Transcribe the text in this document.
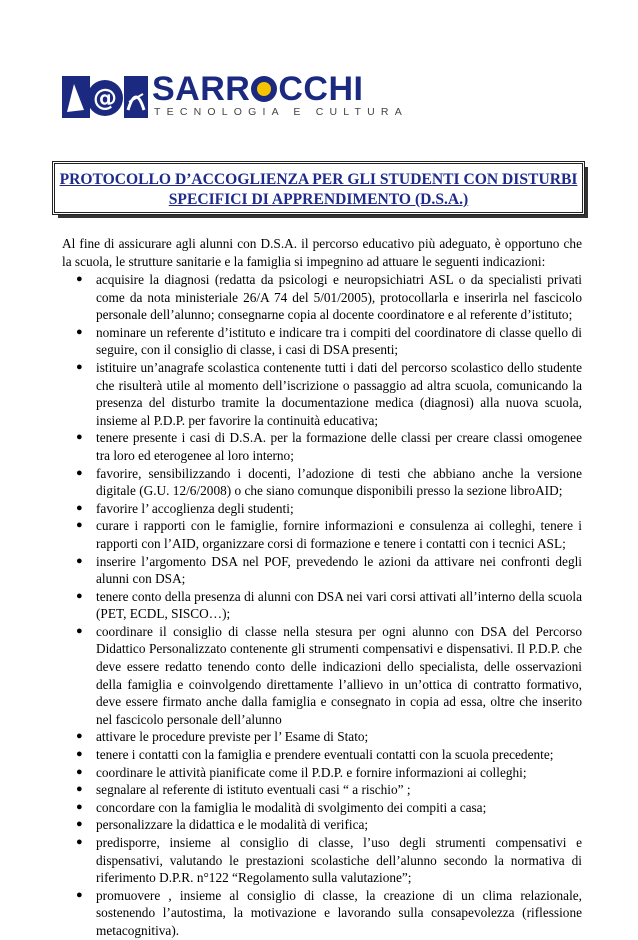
@ SARR CCHI
TECNOLOGIA E CULTURA
PROTOCOLLO D’ACCOGLIENZA PER GLI STUDENTI CON DISTURBI
SPECIFICI DI APPRENDIMENTO (D.S.A.)

Al fine di assicurare agli alunni con D.S.A. il percorso educativo più adeguato, è opportuno che la scuola, le strutture sanitarie e la famiglia si impegnino ad attuare le seguenti indicazioni:

● acquisire la diagnosi (redatta da psicologi e neuropsichiatri ASL o da specialisti privati come da nota ministeriale 26/A 74 del 5/01/2005), protocollarla e inserirla nel fascicolo personale dell’alunno; consegnarne copia al docente coordinatore e al referente d’istituto;
● nominare un referente d’istituto e indicare tra i compiti del coordinatore di classe quello di seguire, con il consiglio di classe, i casi di DSA presenti;
● istituire un’anagrafe scolastica contenente tutti i dati del percorso scolastico dello studente che risulterà utile al momento dell’iscrizione o passaggio ad altra scuola, comunicando la presenza del disturbo tramite la documentazione medica (diagnosi) alla nuova scuola, insieme al P.D.P. per favorire la continuità educativa;
● tenere presente i casi di D.S.A. per la formazione delle classi per creare classi omogenee tra loro ed eterogenee al loro interno;
● favorire, sensibilizzando i docenti, l’adozione di testi che abbiano anche la versione digitale (G.U. 12/6/2008) o che siano comunque disponibili presso la sezione libroAID;
● favorire l’ accoglienza degli studenti;
● curare i rapporti con le famiglie, fornire informazioni e consulenza ai colleghi, tenere i rapporti con l’AID, organizzare corsi di formazione e tenere i contatti con i tecnici ASL;
● inserire l’argomento DSA nel POF, prevedendo le azioni da attivare nei confronti degli alunni con DSA;
● tenere conto della presenza di alunni con DSA nei vari corsi attivati all’interno della scuola (PET, ECDL, SISCO…);
● coordinare il consiglio di classe nella stesura per ogni alunno con DSA del Percorso Didattico Personalizzato contenente gli strumenti compensativi e dispensativi. Il P.D.P. che deve essere redatto tenendo conto delle indicazioni dello specialista, delle osservazioni della famiglia e coinvolgendo direttamente l’allievo in un’ottica di contratto formativo, deve essere firmato anche dalla famiglia e consegnato in copia ad essa, oltre che inserito nel fascicolo personale dell’alunno
● attivare le procedure previste per l’ Esame di Stato;
● tenere i contatti con la famiglia e prendere eventuali contatti con la scuola precedente;
● coordinare le attività pianificate come il P.D.P. e fornire informazioni ai colleghi;
● segnalare al referente di istituto eventuali casi “ a rischio” ;
● concordare con la famiglia le modalità di svolgimento dei compiti a casa;
● personalizzare la didattica e le modalità di verifica;
● predisporre, insieme al consiglio di classe, l’uso degli strumenti compensativi e dispensativi, valutando le prestazioni scolastiche dell’alunno secondo la normativa di riferimento D.P.R. n°122 “Regolamento sulla valutazione”;
● promuovere , insieme al consiglio di classe, la creazione di un clima relazionale, sostenendo l’autostima, la motivazione e lavorando sulla consapevolezza (riflessione metacognitiva).
